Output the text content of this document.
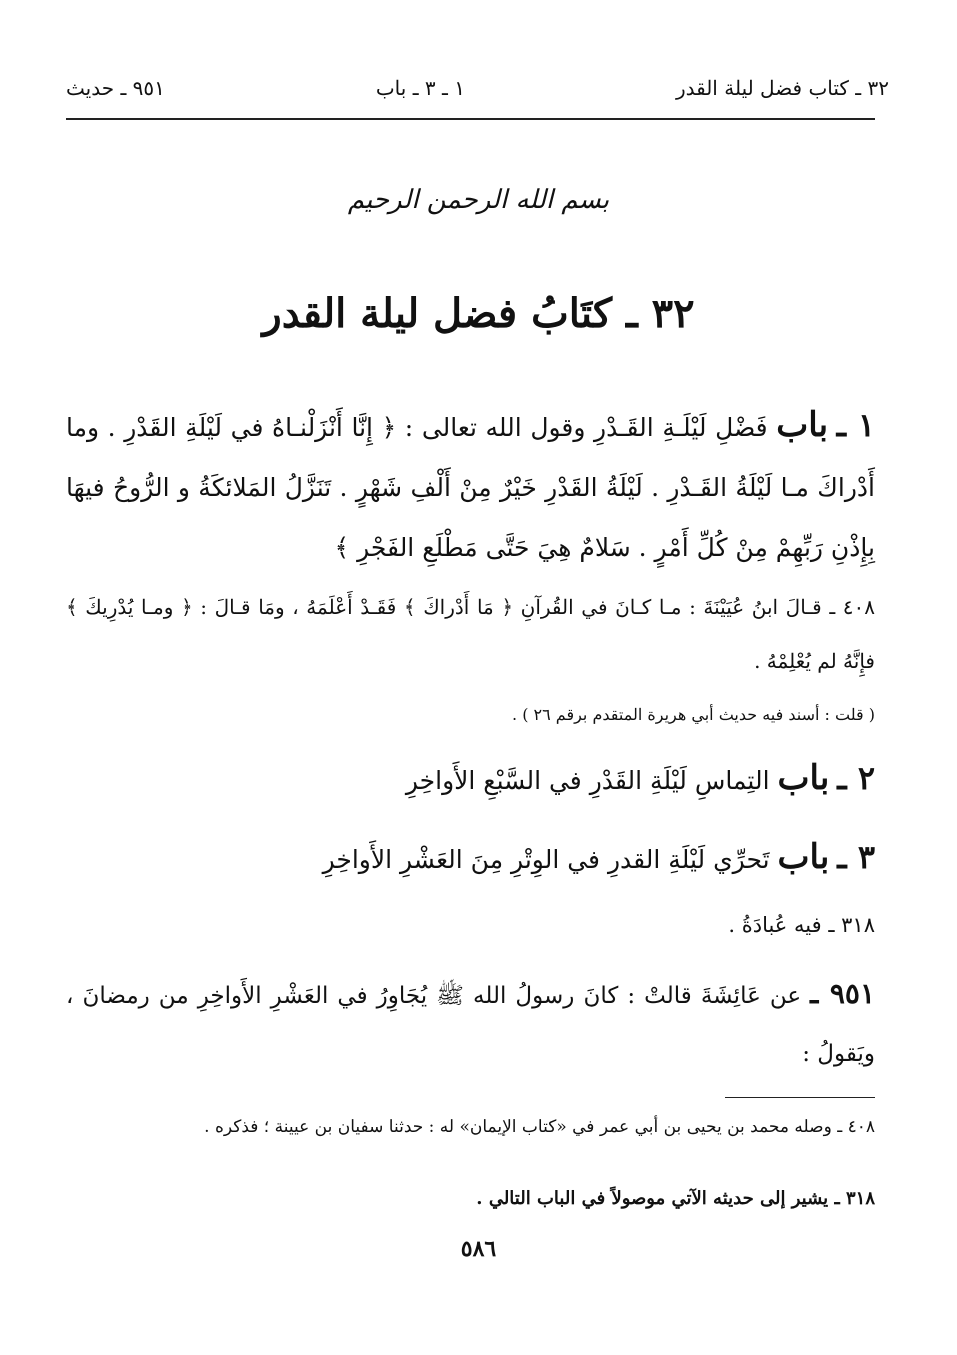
٣٢ ـ كتاب فضل ليلة القدر
١ ـ ٣ ـ باب
٩٥١ ـ حديث
بسم الله الرحمن الرحيم
٣٢ ـ كتَابُ فضل ليلة القدر
١ ـ باب فَضْلِ لَيْلَـةِ القَـدْرِ وقول الله تعالى : ﴿ إِنَّا أَنْزَلْنـاهُ في لَيْلَةِ القَدْرِ . وما أَدْراكَ مـا لَيْلَةُ القَـدْرِ . لَيْلَةُ القَدْرِ خَيْرٌ مِنْ أَلْفِ شَهْرٍ . تَنَزَّلُ المَلائكَةُ و الرُّوحُ فيهَا بِإِذْنِ رَبِّهِمْ مِنْ كُلِّ أَمْرٍ . سَلامٌ هِيَ حَتَّى مَطْلَعِ الفَجْرِ ﴾
٤٠٨ ـ قـالَ ابنُ عُيَيْنَةَ : مـا كـانَ في القُرآنِ ﴿ مَا أَدْراكَ ﴾ فَقَـدْ أَعْلَمَهُ ، ومَا قـالَ : ﴿ ومـا يُدْرِيكَ ﴾ فإِنَّهُ لم يُعْلِمْهُ .
( قلت : أسند فيه حديث أبي هريرة المتقدم برقم ٢٦ ) .
٢ ـ باب التِماسِ لَيْلَةِ القَدْرِ في السَّبْعِ الأَواخِرِ
٣ ـ باب تَحرِّي لَيْلَةِ القدرِ في الوِتْرِ مِنَ العَشْرِ الأَواخِرِ
٣١٨ ـ فيه عُبادَةُ .
٩٥١ ـ عن عَائِشَةَ قالتْ : كانَ رسولُ الله ﷺ يُجَاوِرُ في العَشْرِ الأَواخِرِ من رمضانَ ، ويَقولُ :
٤٠٨ ـ وصله محمد بن يحيى بن أبي عمر في «كتاب الإيمان» له : حدثنا سفيان بن عيينة ؛ فذكره .
٣١٨ ـ يشير إلى حديثه الآتي موصولاً في الباب التالي .
٥٨٦
